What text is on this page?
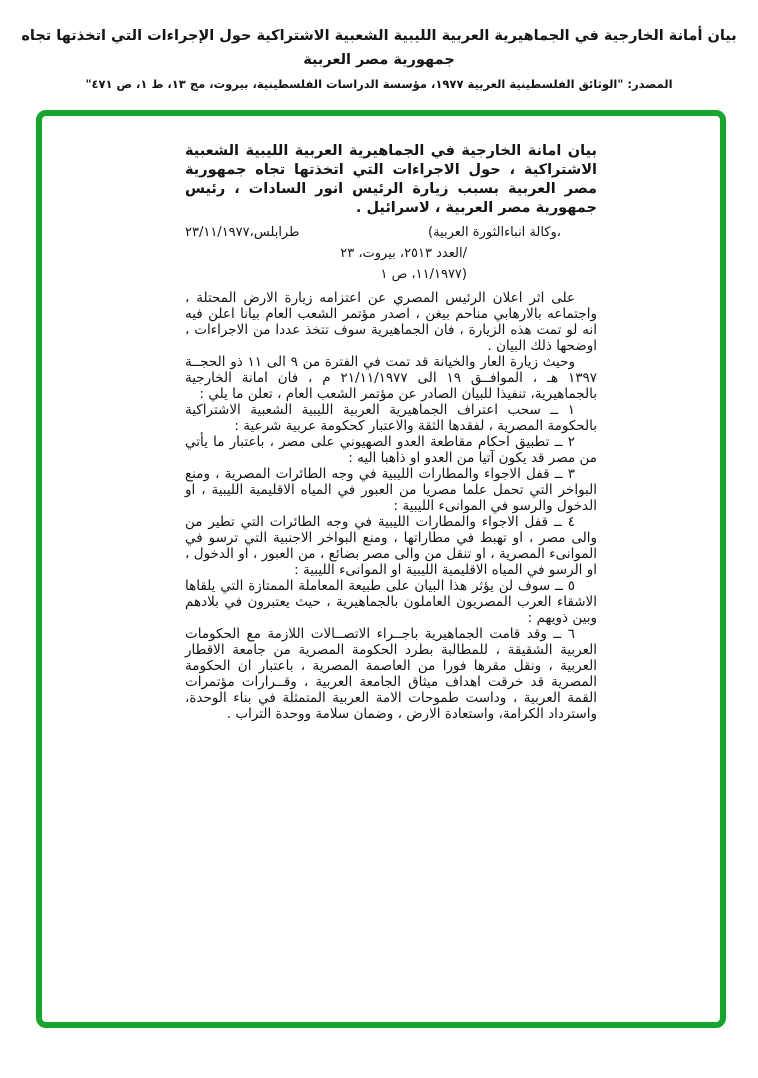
بيان أمانة الخارجية في الجماهيرية العربية الليبية الشعبية الاشتراكية حول الإجراءات التي اتخذتها تجاه جمهورية مصر العربية
المصدر: "الوثائق الفلسطينية العربية ١٩٧٧، مؤسسة الدراسات الفلسطينية، بيروت، مج ١٣، ط ١، ص ٤٧١"
بيان امانة الخارجية في الجماهيرية العربية الليبية الشعبية الاشتراكية ، حول الاجراءات التي اتخذتها تجاه جمهورية مصر العربية بسبب زيارة الرئيس انور السادات ، رئيس جمهورية مصر العربية ، لاسرائيل .
طرابلس،٢٣/١١/١٩٧٧	(وكالة انباءالثورة العربية،
العدد ٢٥١٣، بيروت، ٢٣/
١١/١٩٧٧، ص ١)

على اثر اعلان الرئيس المصري عن اعتزامه زيارة الارض المحتلة ، واجتماعه بالارهابي مناحم بيغن ، اصدر مؤتمر الشعب العام بيانا اعلن فيه انه لو تمت هذه الزيارة ، فان الجماهيرية سوف تتخذ عددا من الاجراءات ، اوضحها ذلك البيان .

وحيث زيارة العار والخيانة قد تمت في الفترة من ٩ الى ١١ ذو الحجــة ١٣٩٧ هـ ، الموافــق ١٩ الى ٢١/١١/١٩٧٧ م ، فان امانة الخارجية بالجماهيرية، تنفيذا للبيان الصادر عن مؤتمر الشعب العام ، تعلن ما يلي :

١ ــ سحب اعتراف الجماهيرية العربية الليبية الشعبية الاشتراكية بالحكومة المصرية ، لفقدها الثقة والاعتبار كحكومة عربية شرعية :

٢ ــ تطبيق احكام مقاطعة العدو الصهيوني على مصر ، باعتبار ما يأتي من مصر قد يكون آتيا من العدو او ذاهبا اليه :

٣ ــ قفل الاجواء والمطارات الليبية في وجه الطائرات المصرية ، ومنع البواخر التي تحمل علما مصريا من العبور في المياه الاقليمية الليبية ، او الدخول والرسو في الموانىء الليبية :

٤ ــ قفل الاجواء والمطارات الليبية في وجه الطائرات التي تطير من والى مصر ، او تهبط في مطاراتها ، ومنع البواخر الاجنبية التي ترسو في الموانىء المصرية ، او تنقل من والى مصر بضائع ، من العبور ، او الدخول ، او الرسو في المياه الاقليمية الليبية او الموانىء الليبية :

٥ ــ سوف لن يؤثر هذا البيان على طبيعة المعاملة الممتازة التي يلقاها الاشقاء العرب المصريون العاملون بالجماهيرية ، حيث يعتبرون في بلادهم وبين ذويهم :

٦ ــ وقد قامت الجماهيرية باجــراء الاتصــالات اللازمة مع الحكومات العربية الشقيقة ، للمطالبة بطرد الحكومة المصرية من جامعة الاقطار العربية ، ونقل مقرها فورا من العاصمة المصرية ، باعتبار ان الحكومة المصرية قد خرقت اهداف ميثاق الجامعة العربية ، وقــرارات مؤتمرات القمة العربية ، وداست طموحات الامة العربية المتمثلة في بناء الوحدة، واسترداد الكرامة، واستعادة الارض ، وضمان سلامة ووحدة التراب .
